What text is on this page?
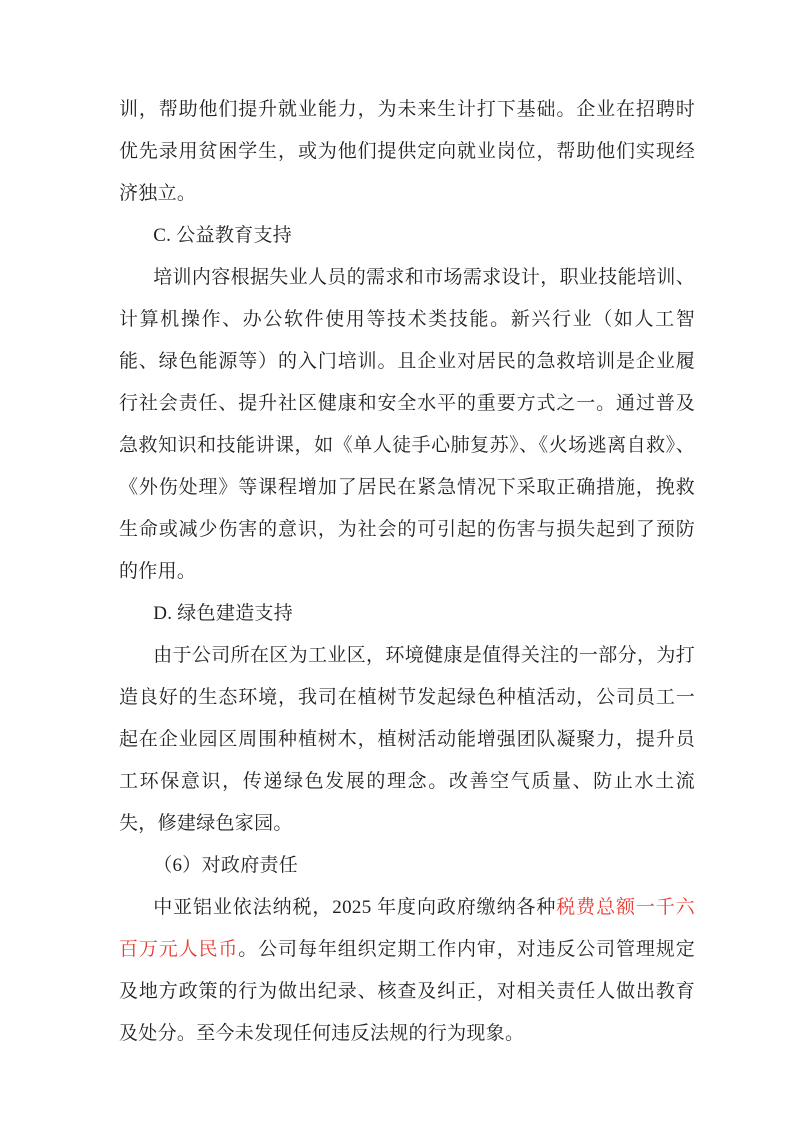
训，帮助他们提升就业能力，为未来生计打下基础。企业在招聘时优先录用贫困学生，或为他们提供定向就业岗位，帮助他们实现经济独立。

C. 公益教育支持

培训内容根据失业人员的需求和市场需求设计，职业技能培训、计算机操作、办公软件使用等技术类技能。新兴行业（如人工智能、绿色能源等）的入门培训。且企业对居民的急救培训是企业履行社会责任、提升社区健康和安全水平的重要方式之一。通过普及急救知识和技能讲课，如《单人徒手心肺复苏》、《火场逃离自救》、《外伤处理》等课程增加了居民在紧急情况下采取正确措施，挽救生命或减少伤害的意识，为社会的可引起的伤害与损失起到了预防的作用。

D. 绿色建造支持

由于公司所在区为工业区，环境健康是值得关注的一部分，为打造良好的生态环境，我司在植树节发起绿色种植活动，公司员工一起在企业园区周围种植树木，植树活动能增强团队凝聚力，提升员工环保意识，传递绿色发展的理念。改善空气质量、防止水土流失，修建绿色家园。

（6）对政府责任

中亚铝业依法纳税，2025 年度向政府缴纳各种税费总额一千六百万元人民币。公司每年组织定期工作内审，对违反公司管理规定及地方政策的行为做出纪录、核查及纠正，对相关责任人做出教育及处分。至今未发现任何违反法规的行为现象。
